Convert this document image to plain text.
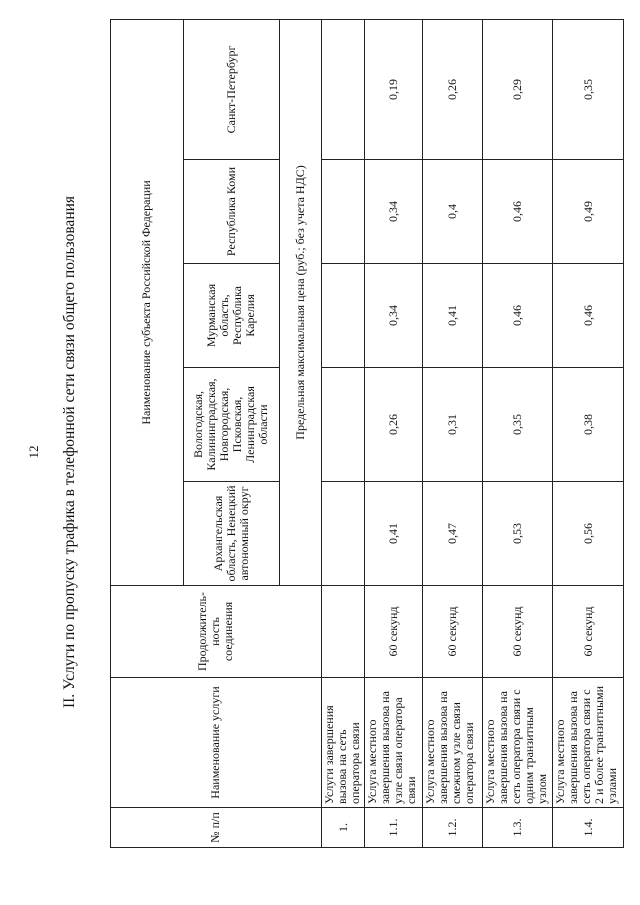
12 II. Услуги по пропуску трафика в телефонной сети связи общего пользования
№ п/п	Наименование услуги	Продолжитель-ность соединения	Наименование субъекта Российской Федерации				
			Архангельская область, Ненецкий автономный округ	Вологодская, Калининградская, Новгородская, Псковская, Ленинградская области	Мурманская область, Республика Карелия	Республика Коми	Санкт-Петербург
			Предельная максимальная цена (руб.; без учета НДС)				
1.	Услуги завершения вызова на сеть оператора связи						
1.1.	Услуга местного завершения вызова на узле связи оператора связи	60 секунд	0,41	0,26	0,34	0,34	0,19
1.2.	Услуга местного завершения вызова на смежном узле связи оператора связи	60 секунд	0,47	0,31	0,41	0,4	0,26
1.3.	Услуга местного завершения вызова на сеть оператора связи с одним транзитным узлом	60 секунд	0,53	0,35	0,46	0,46	0,29
1.4.	Услуга местного завершения вызова на сеть оператора связи с 2 и более транзитными узлами	60 секунд	0,56	0,38	0,46	0,49	0,35
